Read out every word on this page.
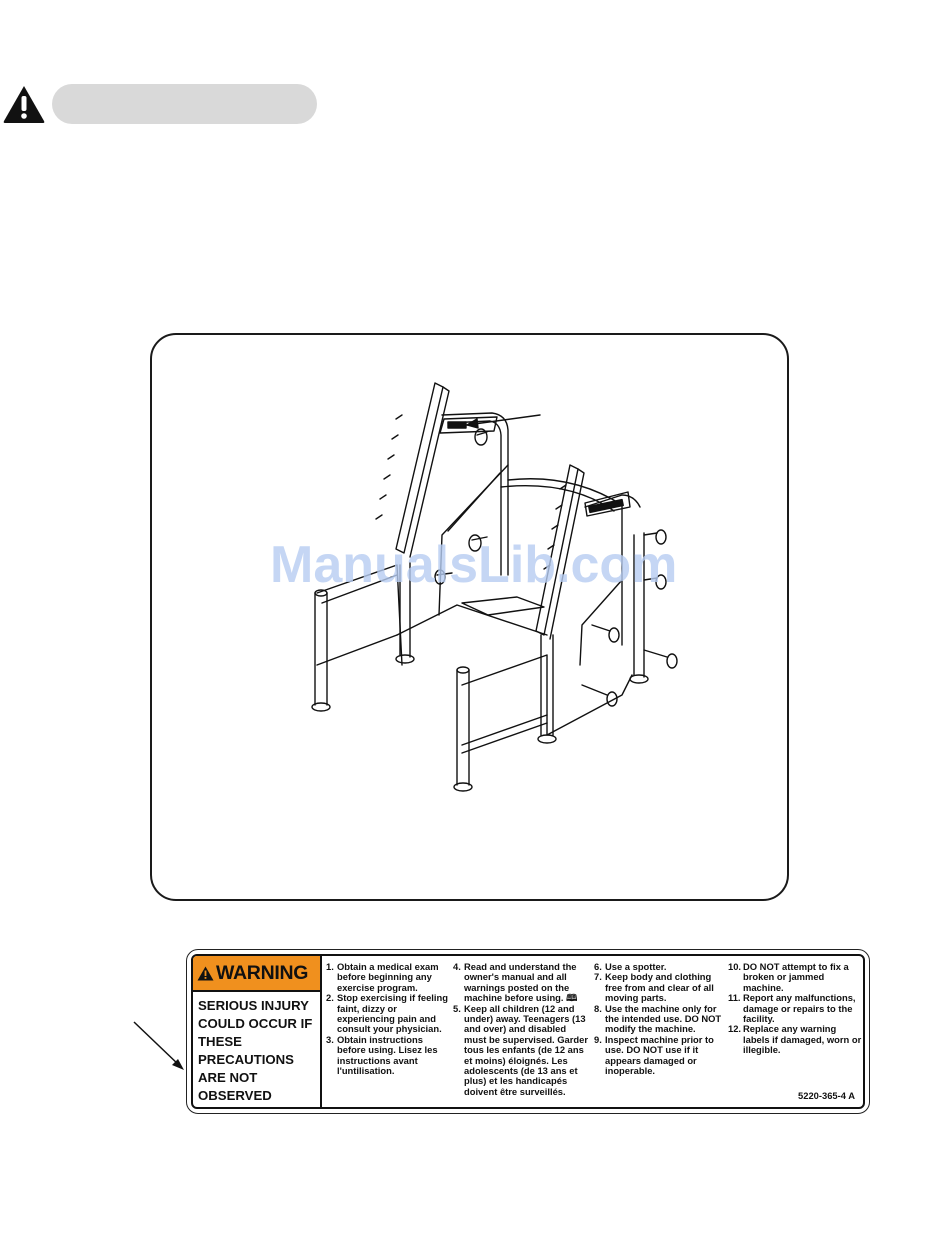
ManualsLib.com
WARNING
SERIOUS INJURY
COULD OCCUR IF
THESE
PRECAUTIONS
ARE NOT
OBSERVED
1. Obtain a medical exam before beginning any exercise program.
2. Stop exercising if feeling faint, dizzy or experiencing pain and consult your physician.
3. Obtain instructions before using. Lisez les instructions avant l'untilisation.
4. Read and understand the owner's manual and all warnings posted on the machine before using. 🕮
5. Keep all children (12 and under) away. Teenagers (13 and over) and disabled must be supervised. Garder tous les enfants (de 12 ans et moins) éloignés. Les adolescents (de 13 ans et plus) et les handicapés doivent être surveillés.
6. Use a spotter.
7. Keep body and clothing free from and clear of all moving parts.
8. Use the machine only for the intended use. DO NOT modify the machine.
9. Inspect machine prior to use. DO NOT use if it appears damaged or inoperable.
10. DO NOT attempt to fix a broken or jammed machine.
11. Report any malfunctions, damage or repairs to the facility.
12. Replace any warning labels if damaged, worn or illegible.
5220-365-4 A
